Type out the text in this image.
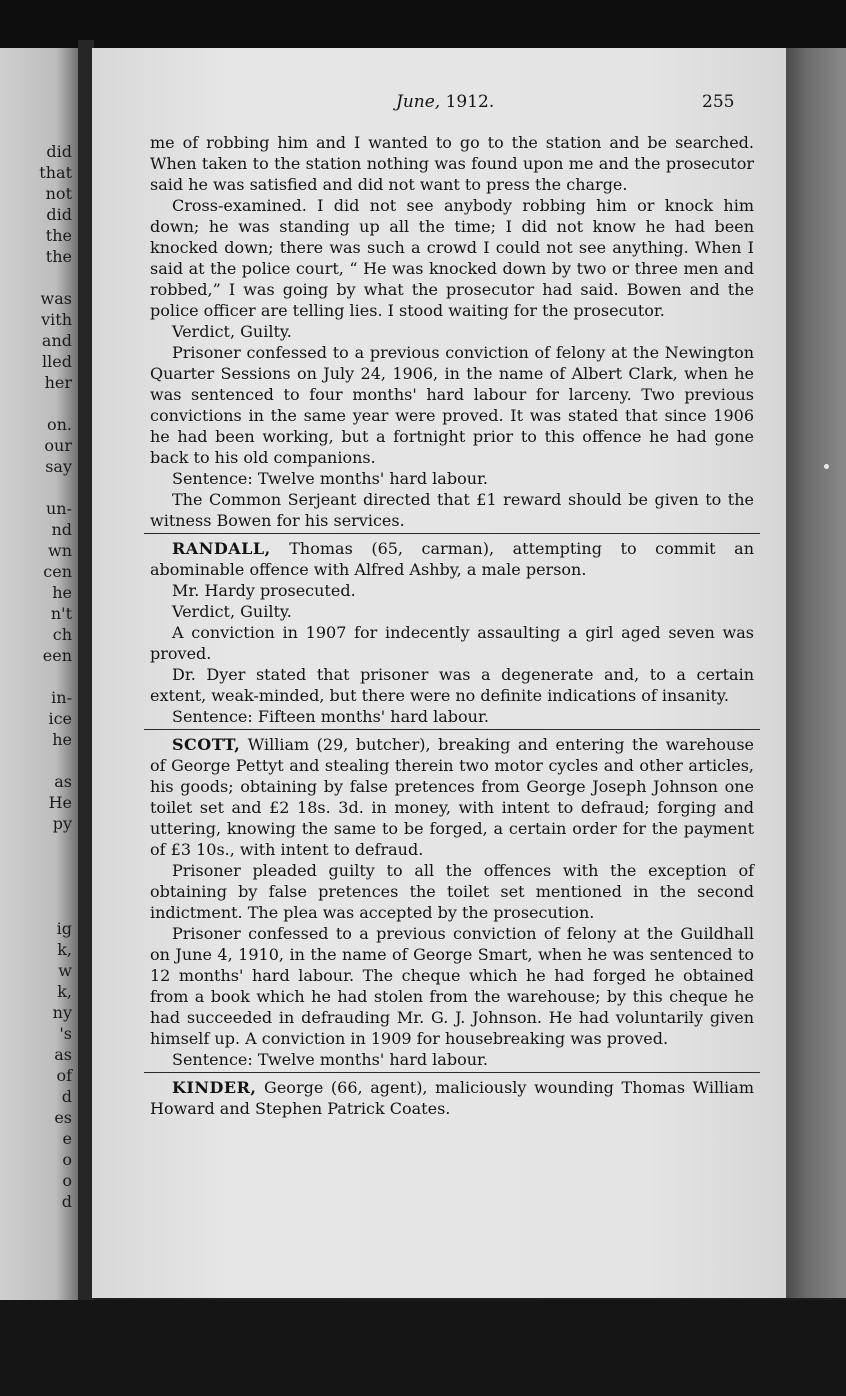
did
that
not
did
the
the
was
vith
and
lled
her
on.
our
say
un-
nd
wn
cen
he
n't
ch
een
in-
ice
he
as
He
py
ig
k,
w
k,
ny
's
as
of
d
es
e
o
o
d
June, 1912.	255

me of robbing him and I wanted to go to the station and be searched. When taken to the station nothing was found upon me and the prosecutor said he was satisfied and did not want to press the charge.

Cross-examined. I did not see anybody robbing him or knock him down; he was standing up all the time; I did not know he had been knocked down; there was such a crowd I could not see anything. When I said at the police court, “ He was knocked down by two or three men and robbed,” I was going by what the prosecutor had said. Bowen and the police officer are telling lies. I stood waiting for the prosecutor.

Verdict, Guilty.

Prisoner confessed to a previous conviction of felony at the Newington Quarter Sessions on July 24, 1906, in the name of Albert Clark, when he was sentenced to four months' hard labour for larceny. Two previous convictions in the same year were proved. It was stated that since 1906 he had been working, but a fortnight prior to this offence he had gone back to his old companions.

Sentence: Twelve months' hard labour.

The Common Serjeant directed that £1 reward should be given to the witness Bowen for his services.

RANDALL, Thomas (65, carman), attempting to commit an abominable offence with Alfred Ashby, a male person.

Mr. Hardy prosecuted.

Verdict, Guilty.

A conviction in 1907 for indecently assaulting a girl aged seven was proved.

Dr. Dyer stated that prisoner was a degenerate and, to a certain extent, weak-minded, but there were no definite indications of insanity.

Sentence: Fifteen months' hard labour.

SCOTT, William (29, butcher), breaking and entering the warehouse of George Pettyt and stealing therein two motor cycles and other articles, his goods; obtaining by false pretences from George Joseph Johnson one toilet set and £2 18s. 3d. in money, with intent to defraud; forging and uttering, knowing the same to be forged, a certain order for the payment of £3 10s., with intent to defraud.

Prisoner pleaded guilty to all the offences with the exception of obtaining by false pretences the toilet set mentioned in the second indictment. The plea was accepted by the prosecution.

Prisoner confessed to a previous conviction of felony at the Guildhall on June 4, 1910, in the name of George Smart, when he was sentenced to 12 months' hard labour. The cheque which he had forged he obtained from a book which he had stolen from the warehouse; by this cheque he had succeeded in defrauding Mr. G. J. Johnson. He had voluntarily given himself up. A conviction in 1909 for housebreaking was proved.

Sentence: Twelve months' hard labour.

KINDER, George (66, agent), maliciously wounding Thomas William Howard and Stephen Patrick Coates.
